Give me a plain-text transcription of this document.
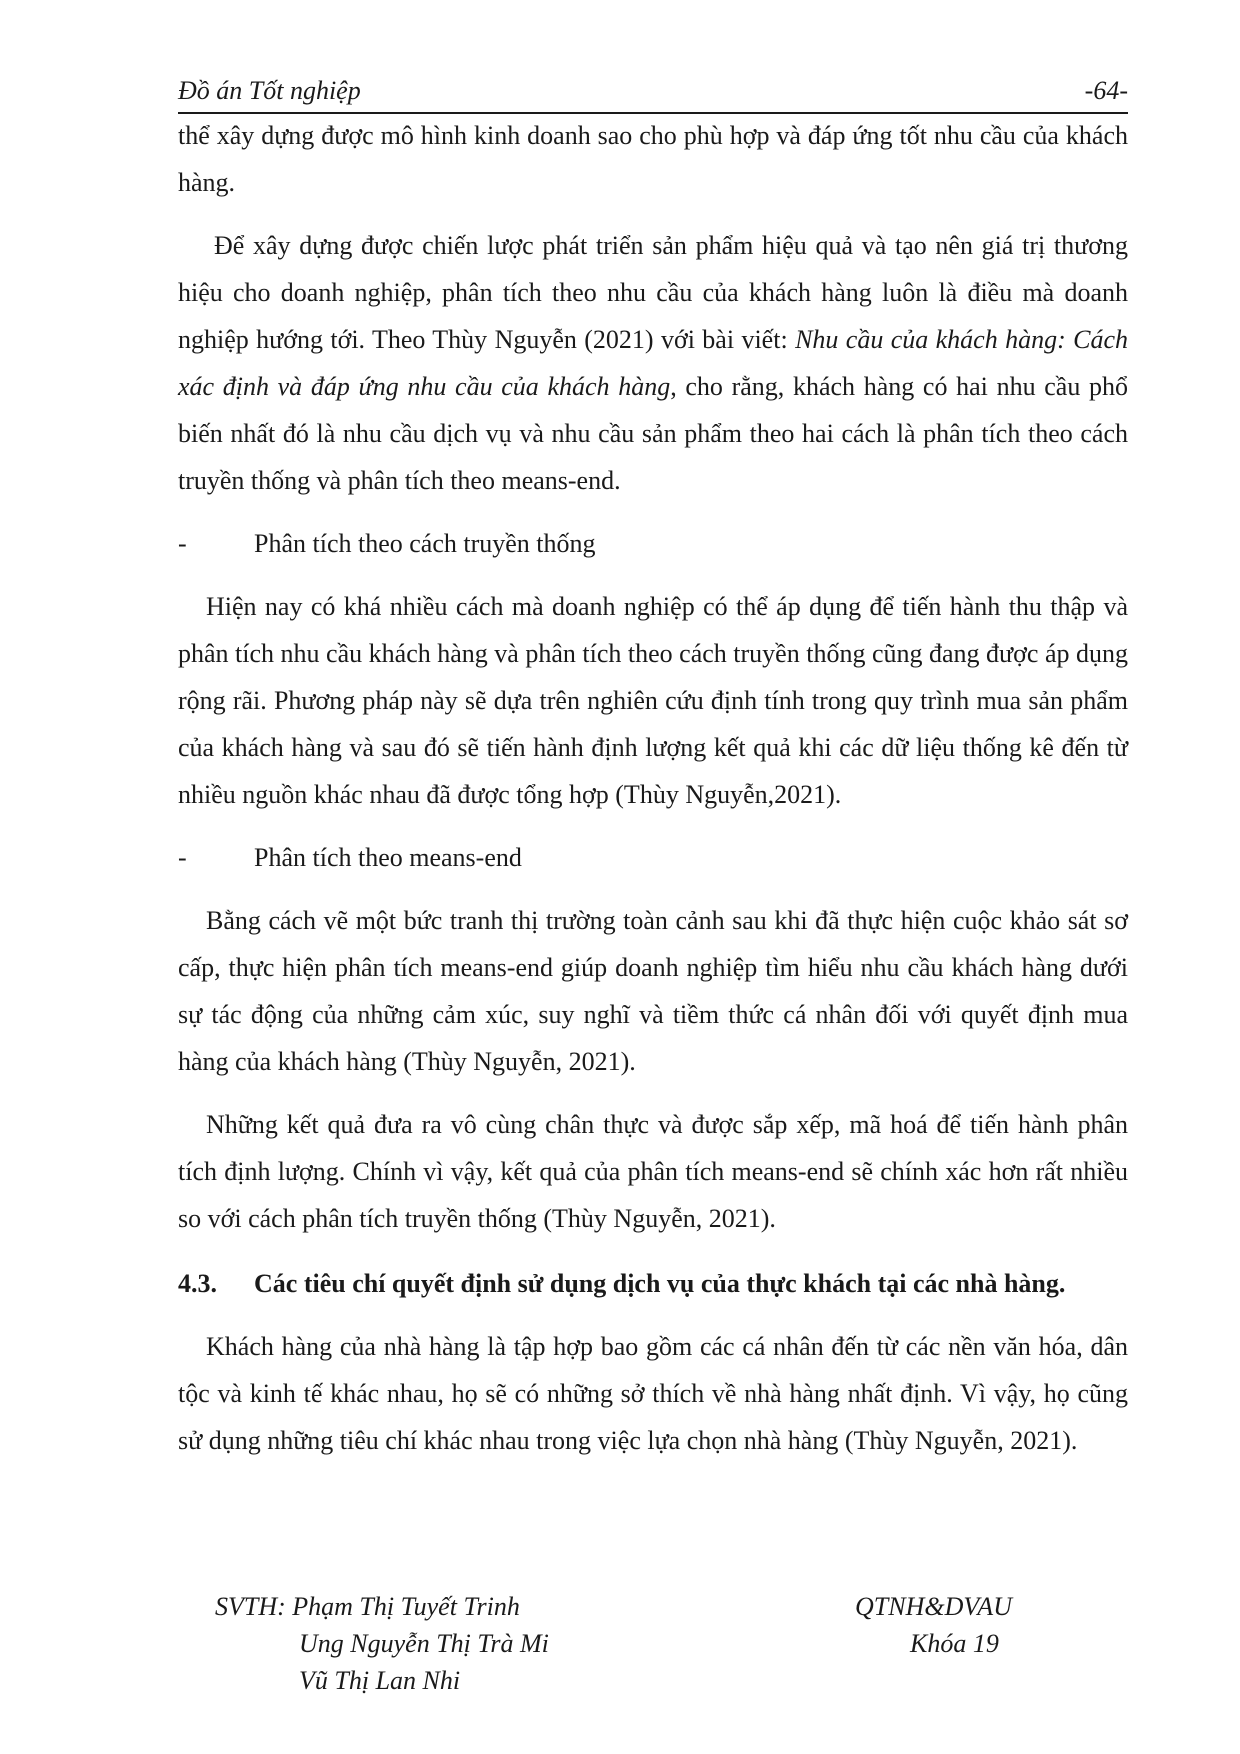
Đồ án Tốt nghiệp	-64-

thể xây dựng được mô hình kinh doanh sao cho phù hợp và đáp ứng tốt nhu cầu của khách hàng.

Để xây dựng được chiến lược phát triển sản phẩm hiệu quả và tạo nên giá trị thương hiệu cho doanh nghiệp, phân tích theo nhu cầu của khách hàng luôn là điều mà doanh nghiệp hướng tới. Theo Thùy Nguyễn (2021) với bài viết: Nhu cầu của khách hàng: Cách xác định và đáp ứng nhu cầu của khách hàng, cho rằng, khách hàng có hai nhu cầu phổ biến nhất đó là nhu cầu dịch vụ và nhu cầu sản phẩm theo hai cách là phân tích theo cách truyền thống và phân tích theo means-end.

-	Phân tích theo cách truyền thống

Hiện nay có khá nhiều cách mà doanh nghiệp có thể áp dụng để tiến hành thu thập và phân tích nhu cầu khách hàng và phân tích theo cách truyền thống cũng đang được áp dụng rộng rãi. Phương pháp này sẽ dựa trên nghiên cứu định tính trong quy trình mua sản phẩm của khách hàng và sau đó sẽ tiến hành định lượng kết quả khi các dữ liệu thống kê đến từ nhiều nguồn khác nhau đã được tổng hợp (Thùy Nguyễn,2021).

-	Phân tích theo means-end

Bằng cách vẽ một bức tranh thị trường toàn cảnh sau khi đã thực hiện cuộc khảo sát sơ cấp, thực hiện phân tích means-end giúp doanh nghiệp tìm hiểu nhu cầu khách hàng dưới sự tác động của những cảm xúc, suy nghĩ và tiềm thức cá nhân đối với quyết định mua hàng của khách hàng (Thùy Nguyễn, 2021).

Những kết quả đưa ra vô cùng chân thực và được sắp xếp, mã hoá để tiến hành phân tích định lượng. Chính vì vậy, kết quả của phân tích means-end sẽ chính xác hơn rất nhiều so với cách phân tích truyền thống (Thùy Nguyễn, 2021).

4.3. Các tiêu chí quyết định sử dụng dịch vụ của thực khách tại các nhà hàng.

Khách hàng của nhà hàng là tập hợp bao gồm các cá nhân đến từ các nền văn hóa, dân tộc và kinh tế khác nhau, họ sẽ có những sở thích về nhà hàng nhất định. Vì vậy, họ cũng sử dụng những tiêu chí khác nhau trong việc lựa chọn nhà hàng (Thùy Nguyễn, 2021).

SVTH: Phạm Thị Tuyết Trinh
Ung Nguyễn Thị Trà Mi
Vũ Thị Lan Nhi
QTNH&DVAU
Khóa 19
